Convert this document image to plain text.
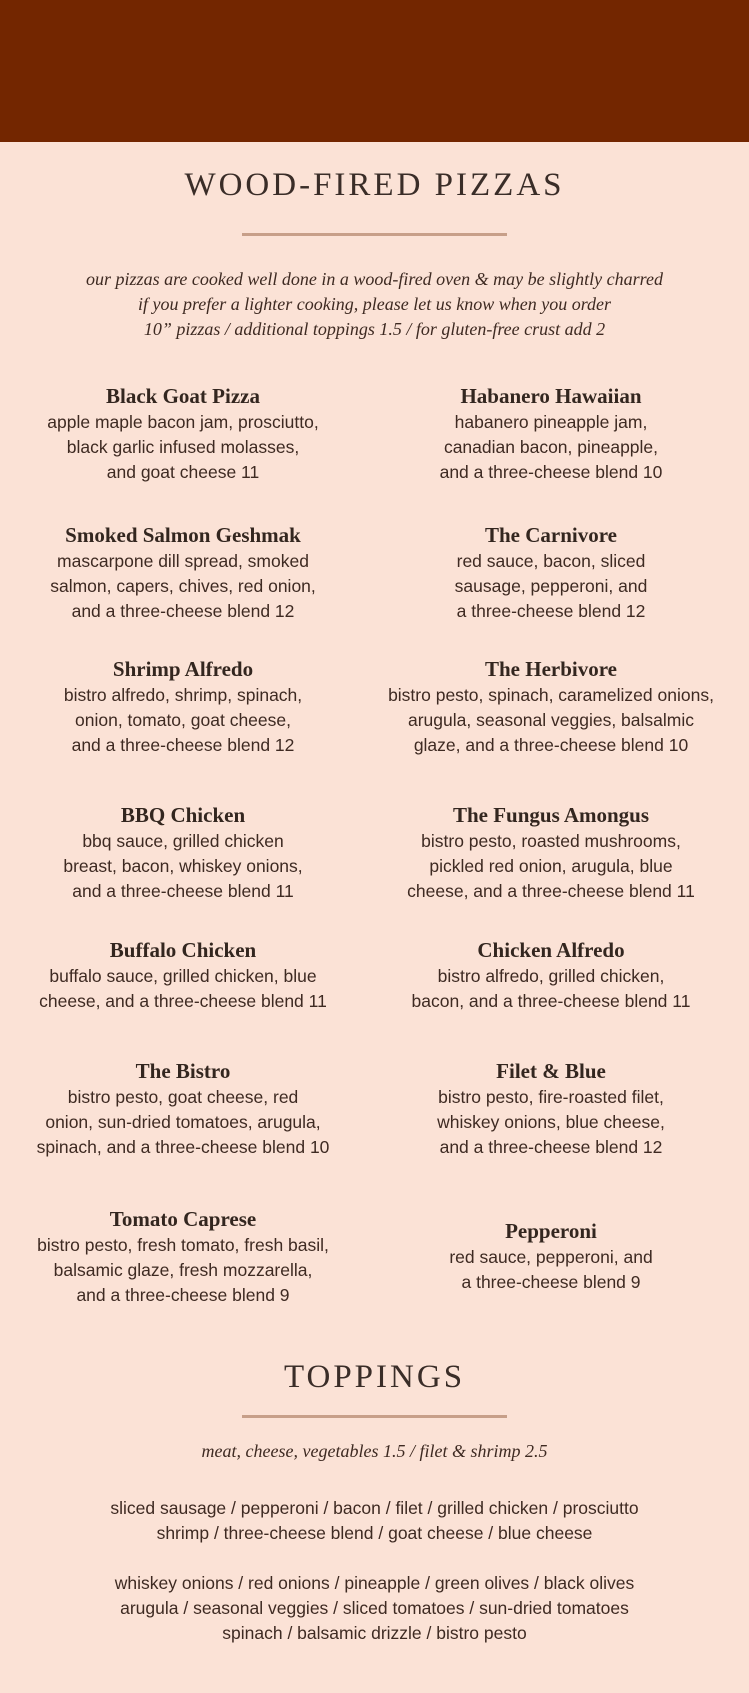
WOOD-FIRED PIZZAS
our pizzas are cooked well done in a wood-fired oven & may be slightly charred
if you prefer a lighter cooking, please let us know when you order
10” pizzas / additional toppings 1.5 / for gluten-free crust add 2
Black Goat Pizza
apple maple bacon jam, prosciutto,
black garlic infused molasses,
and goat cheese 11
Smoked Salmon Geshmak
mascarpone dill spread, smoked
salmon, capers, chives, red onion,
and a three-cheese blend 12
Shrimp Alfredo
bistro alfredo, shrimp, spinach,
onion, tomato, goat cheese,
and a three-cheese blend 12
BBQ Chicken
bbq sauce, grilled chicken
breast, bacon, whiskey onions,
and a three-cheese blend 11
Buffalo Chicken
buffalo sauce, grilled chicken, blue
cheese, and a three-cheese blend 11
The Bistro
bistro pesto, goat cheese, red
onion, sun-dried tomatoes, arugula,
spinach, and a three-cheese blend 10
Tomato Caprese
bistro pesto, fresh tomato, fresh basil,
balsamic glaze, fresh mozzarella,
and a three-cheese blend 9
Habanero Hawaiian
habanero pineapple jam,
canadian bacon, pineapple,
and a three-cheese blend 10
The Carnivore
red sauce, bacon, sliced
sausage, pepperoni, and
a three-cheese blend 12
The Herbivore
bistro pesto, spinach, caramelized onions,
arugula, seasonal veggies, balsalmic
glaze, and a three-cheese blend 10
The Fungus Amongus
bistro pesto, roasted mushrooms,
pickled red onion, arugula, blue
cheese, and a three-cheese blend 11
Chicken Alfredo
bistro alfredo, grilled chicken,
bacon, and a three-cheese blend 11
Filet & Blue
bistro pesto, fire-roasted filet,
whiskey onions, blue cheese,
and a three-cheese blend 12
Pepperoni
red sauce, pepperoni, and
a three-cheese blend 9
TOPPINGS
meat, cheese, vegetables 1.5 / filet & shrimp 2.5
sliced sausage / pepperoni / bacon / filet / grilled chicken / prosciutto
shrimp / three-cheese blend / goat cheese / blue cheese
whiskey onions / red onions / pineapple / green olives / black olives
arugula / seasonal veggies / sliced tomatoes / sun-dried tomatoes
spinach / balsamic drizzle / bistro pesto
